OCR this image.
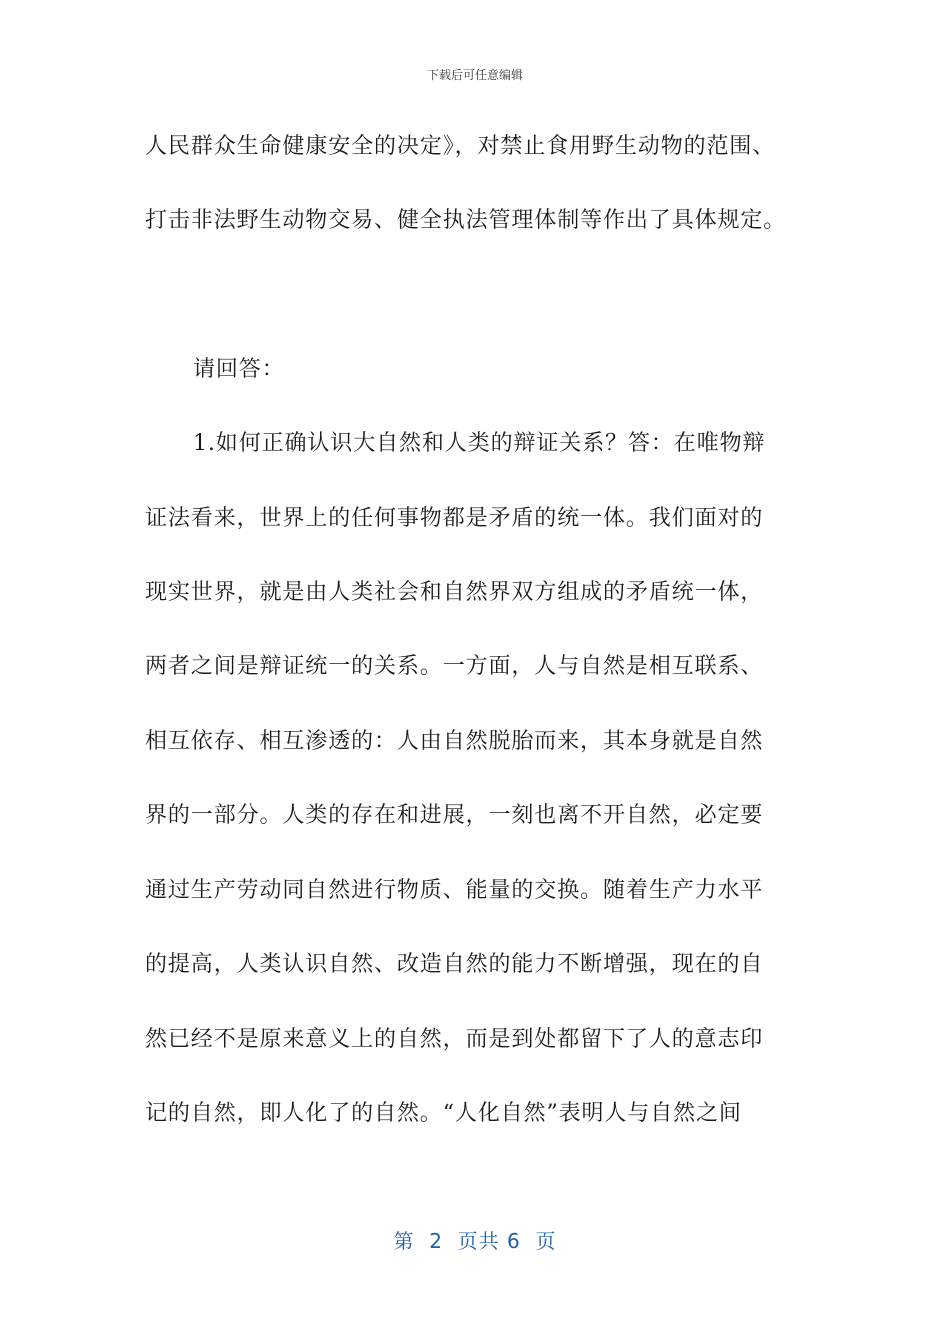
下载后可任意编辑
人民群众生命健康安全的决定》，对禁止食用野生动物的范围、
打击非法野生动物交易、健全执法管理体制等作出了具体规定。
请回答：
1.如何正确认识大自然和人类的辩证关系？答：在唯物辩
证法看来，世界上的任何事物都是矛盾的统一体。我们面对的
现实世界，就是由人类社会和自然界双方组成的矛盾统一体，
两者之间是辩证统一的关系。一方面，人与自然是相互联系、
相互依存、相互渗透的：人由自然脱胎而来，其本身就是自然
界的一部分。人类的存在和进展，一刻也离不开自然，必定要
通过生产劳动同自然进行物质、能量的交换。随着生产力水平
的提高，人类认识自然、改造自然的能力不断增强，现在的自
然已经不是原来意义上的自然，而是到处都留下了人的意志印
记的自然，即人化了的自然。“人化自然”表明人与自然之间
第  2  页共 6  页
